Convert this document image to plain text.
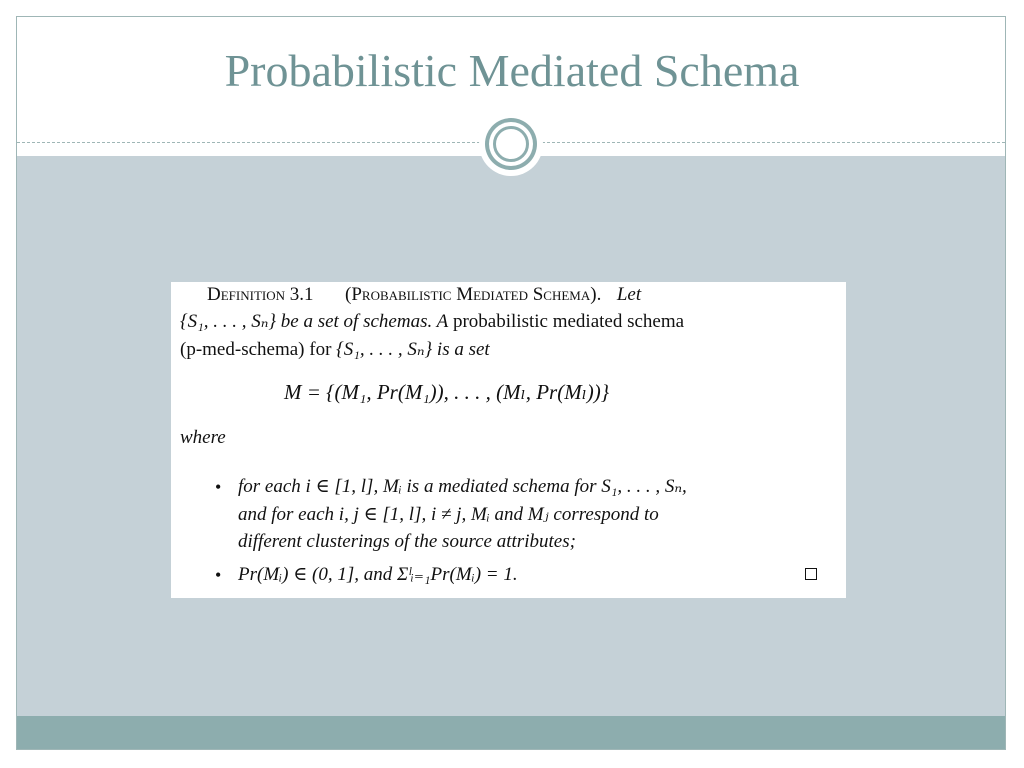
Probabilistic Mediated Schema
Definition 3.1 (Probabilistic Mediated Schema). Let
{S₁, . . . , Sₙ} be a set of schemas. A probabilistic mediated schema
(p-med-schema) for {S₁, . . . , Sₙ} is a set
M = {(M₁, Pr(M₁)), . . . , (Mₗ, Pr(Mₗ))}
where
• for each i ∈ [1, l], Mᵢ is a mediated schema for S₁, . . . , Sₙ,
and for each i, j ∈ [1, l], i ≠ j, Mᵢ and Mⱼ correspond to
different clusterings of the source attributes;
• Pr(Mᵢ) ∈ (0, 1], and Σˡᵢ₌₁Pr(Mᵢ) = 1.
